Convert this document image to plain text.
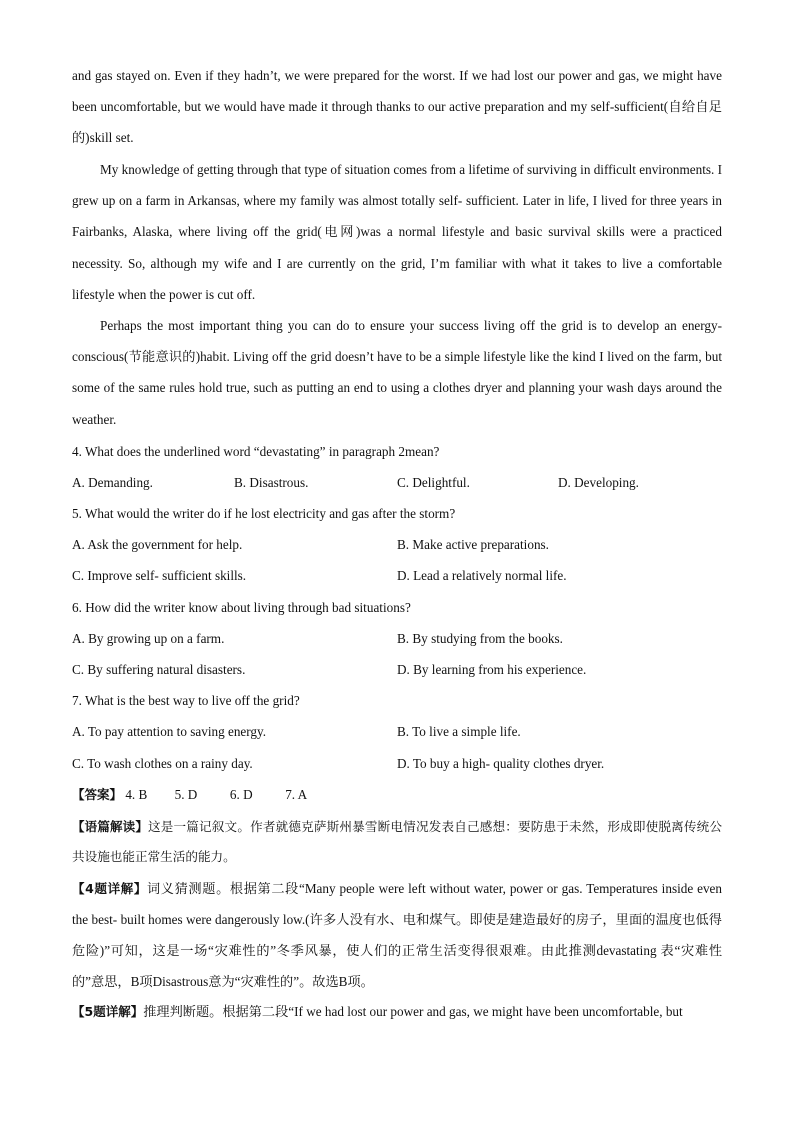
and gas stayed on. Even if they hadn’t, we were prepared for the worst. If we had lost our power and gas, we might have been uncomfortable, but we would have made it through thanks to our active preparation and my self-sufficient(自给自足的)skill set.

My knowledge of getting through that type of situation comes from a lifetime of surviving in difficult environments. I grew up on a farm in Arkansas, where my family was almost totally self- sufficient. Later in life, I lived for three years in Fairbanks, Alaska, where living off the grid(电网)was a normal lifestyle and basic survival skills were a practiced necessity. So, although my wife and I are currently on the grid, I’m familiar with what it takes to live a comfortable lifestyle when the power is cut off.

Perhaps the most important thing you can do to ensure your success living off the grid is to develop an energy-conscious(节能意识的)habit. Living off the grid doesn’t have to be a simple lifestyle like the kind I lived on the farm, but some of the same rules hold true, such as putting an end to using a clothes dryer and planning your wash days around the weather.

4. What does the underlined word “devastating” in paragraph 2mean?

A. Demanding.	B. Disastrous.	C. Delightful.	D. Developing.

5. What would the writer do if he lost electricity and gas after the storm?

A. Ask the government for help.	B. Make active preparations.

C. Improve self- sufficient skills.	D. Lead a relatively normal life.

6. How did the writer know about living through bad situations?

A. By growing up on a farm.	B. By studying from the books.

C. By suffering natural disasters.	D. By learning from his experience.

7. What is the best way to live off the grid?

A. To pay attention to saving energy.	B. To live a simple life.

C. To wash clothes on a rainy day.	D. To buy a high- quality clothes dryer.

【答案】 4. B 5. D 6. D 7. A

【语篇解读】这是一篇记叙文。作者就德克萨斯州暴雪断电情况发表自己感想：要防患于未然，形成即使脱离传统公共设施也能正常生活的能力。

【4题详解】词义猜测题。根据第二段“Many people were left without water, power or gas. Temperatures inside even the best- built homes were dangerously low.(许多人没有水、电和煤气。即使是建造最好的房子，里面的温度也低得危险)”可知，这是一场“灾难性的”冬季风暴，使人们的正常生活变得很艰难。由此推测devastating 表“灾难性的”意思，B项Disastrous意为“灾难性的”。故选B项。

【5题详解】推理判断题。根据第二段“If we had lost our power and gas, we might have been uncomfortable, but
